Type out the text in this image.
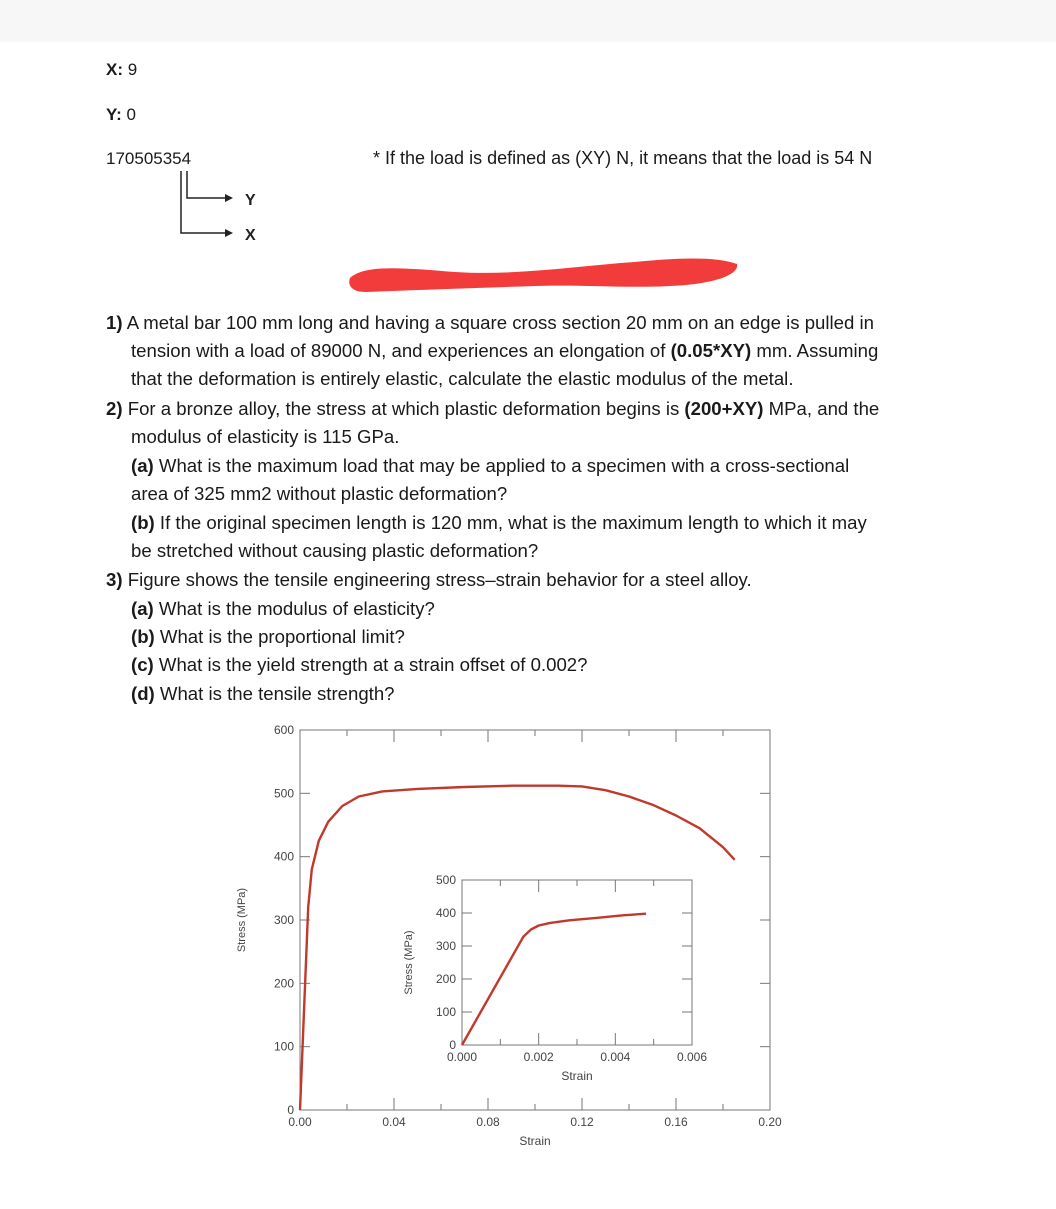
X: 9
Y: 0
170505354
Y
X
* If the load is defined as (XY) N, it means that the load is 54 N
1) A metal bar 100 mm long and having a square cross section 20 mm on an edge is pulled in
tension with a load of 89000 N, and experiences an elongation of (0.05*XY) mm. Assuming
that the deformation is entirely elastic, calculate the elastic modulus of the metal.
2) For a bronze alloy, the stress at which plastic deformation begins is (200+XY) MPa, and the
modulus of elasticity is 115 GPa.
(a) What is the maximum load that may be applied to a specimen with a cross-sectional
area of 325 mm2 without plastic deformation?
(b) If the original specimen length is 120 mm, what is the maximum length to which it may
be stretched without causing plastic deformation?
3) Figure shows the tensile engineering stress–strain behavior for a steel alloy.
(a) What is the modulus of elasticity?
(b) What is the proportional limit?
(c) What is the yield strength at a strain offset of 0.002?
(d) What is the tensile strength?
0
100
200
300
400
500
600
0.00	0.04	0.08	0.12	0.16	0.20
Strain
Stress (MPa)
0
100
200
300
400
500
0.000	0.002	0.004	0.006
Strain
Stress (MPa)
